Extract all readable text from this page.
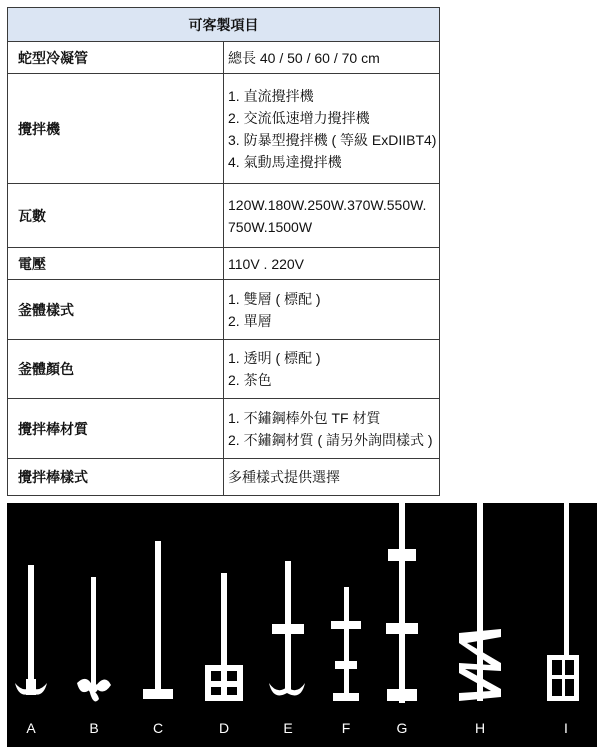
可客製項目	
蛇型冷凝管	總長 40 / 50 / 60 / 70 cm

攪拌機	1. 直流攪拌機
2. 交流低速增力攪拌機
3. 防暴型攪拌機 ( 等級 ExDIIBT4)
4. 氣動馬達攪拌機

瓦數	120W.180W.250W.370W.550W.
750W.1500W

電壓	110V . 220V

釜體樣式	1. 雙層 ( 標配 )
2. 單層

釜體顏色	1. 透明 ( 標配 )
2. 茶色

攪拌棒材質	1. 不鏽鋼棒外包 TF 材質
2. 不鏽鋼材質 ( 請另外詢問樣式 )

攪拌棒樣式	多種樣式提供選擇
A	B	C	D	E	F	G	H	I
